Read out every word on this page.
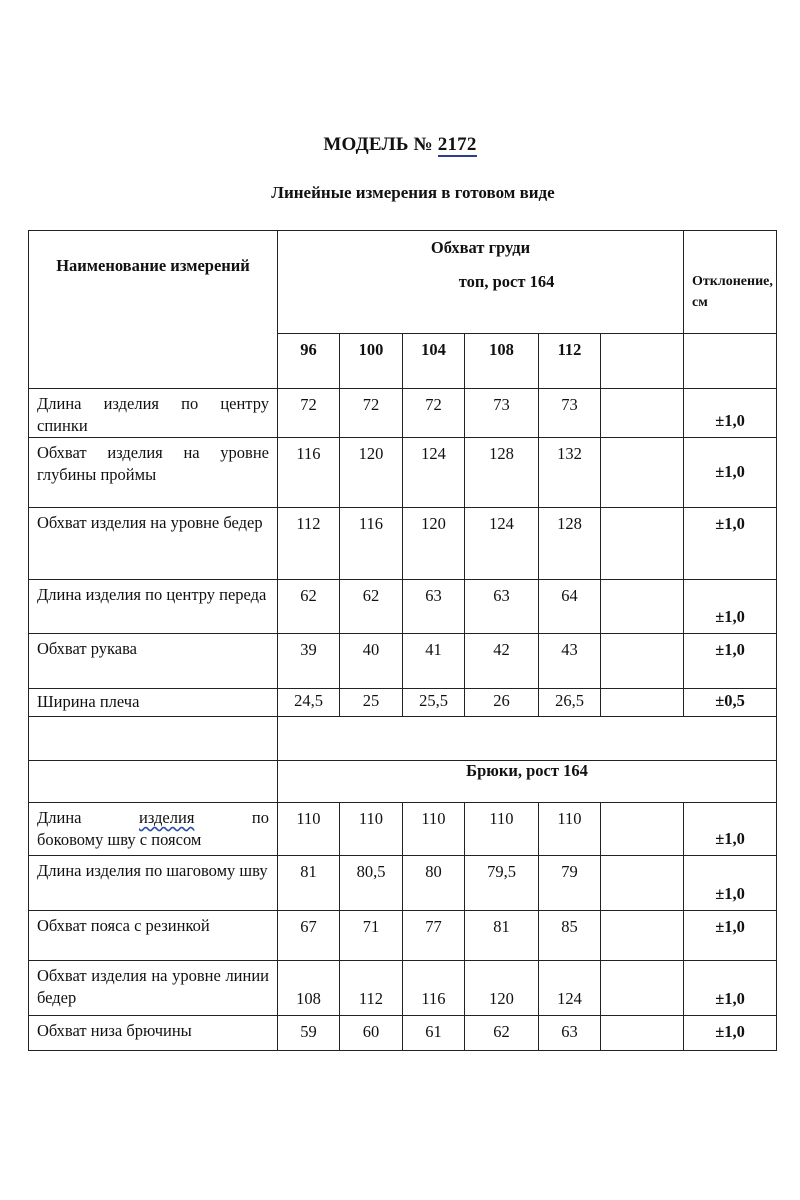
МОДЕЛЬ № 2172
Линейные измерения в готовом виде
Наименование измерений	Обхват груди
топ, рост 164						Отклонение, см

	96	100	104	108	112		
Длина изделия по центру спинки	72	72	72	73	73		±1,0
Обхват изделия на уровне глубины проймы	116	120	124	128	132		±1,0
Обхват изделия на уровне бедер	112	116	120	124	128		±1,0
Длина изделия по центру переда	62	62	63	63	64		±1,0
Обхват рукава	39	40	41	42	43		±1,0
Ширина плеча	24,5	25	25,5	26	26,5		±0,5

	Брюки, рост 164						

Длина изделия по
боковому шву с поясом	110	110	110	110	110		±1,0
Длина изделия по шаговому шву	81	80,5	80	79,5	79		±1,0
Обхват пояса с резинкой	67	71	77	81	85		±1,0
Обхват изделия на уровне линии бедер	108	112	116	120	124		±1,0
Обхват низа брючины	59	60	61	62	63		±1,0
